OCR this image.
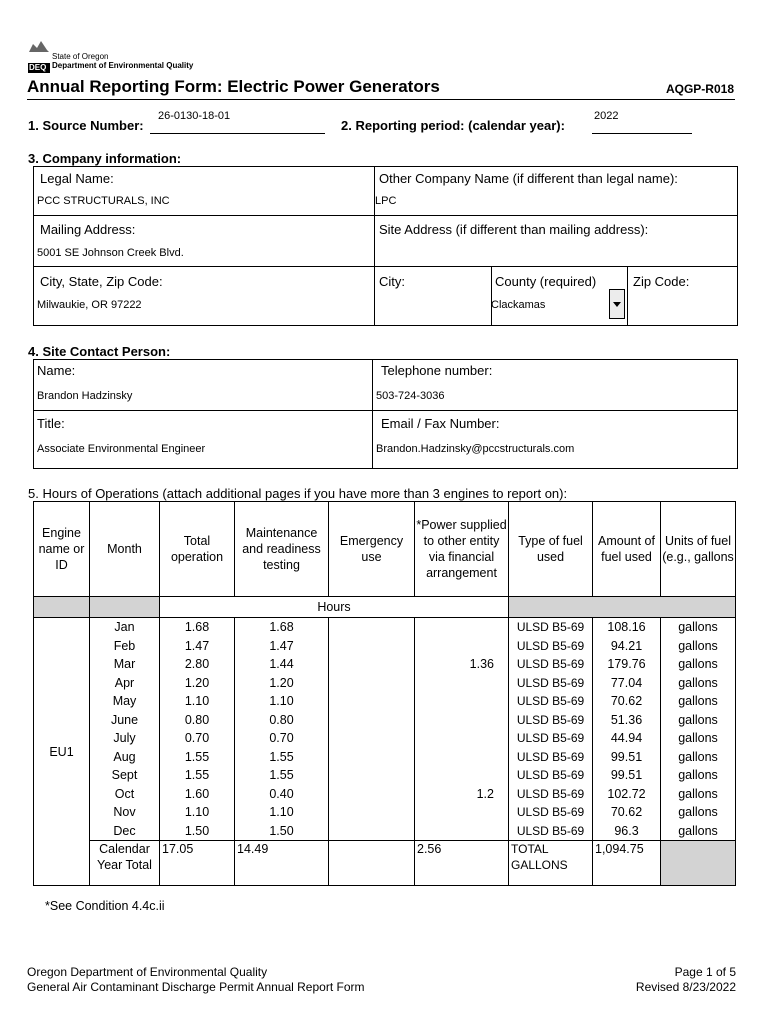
DEQ
State of Oregon
Department of Environmental Quality
Annual Reporting Form: Electric Power Generators	AQGP-R018
1. Source Number:
26-0130-18-01
2. Reporting period: (calendar year):
2022
3. Company information:
Legal Name:
PCC STRUCTURALS, INC
Other Company Name (if different than legal name):
LPC
Mailing Address:
5001 SE Johnson Creek Blvd.
Site Address (if different than mailing address):
City, State, Zip Code:
Milwaukie, OR 97222
City:	County (required)
Clackamas
Zip Code:
4. Site Contact Person:
Name:
Brandon Hadzinsky
Telephone number:
503-724-3036
Title:
Associate Environmental Engineer
Email / Fax Number:
Brandon.Hadzinsky@pccstructurals.com
5. Hours of Operations (attach additional pages if you have more than 3 engines to report on):
Engine name or ID	Month	Total operation	Maintenance and readiness testing	Emergency use	*Power supplied to other entity via financial arrangement	Type of fuel used	Amount of fuel used	Units of fuel (e.g., gallons
		Hours						
EU1	Jan	1.68	1.68			ULSD B5-69	108.16	gallons
	Feb	1.47	1.47			ULSD B5-69	94.21	gallons
	Mar	2.80	1.44		1.36	ULSD B5-69	179.76	gallons
	Apr	1.20	1.20			ULSD B5-69	77.04	gallons
	May	1.10	1.10			ULSD B5-69	70.62	gallons
	June	0.80	0.80			ULSD B5-69	51.36	gallons
	July	0.70	0.70			ULSD B5-69	44.94	gallons
	Aug	1.55	1.55			ULSD B5-69	99.51	gallons
	Sept	1.55	1.55			ULSD B5-69	99.51	gallons
	Oct	1.60	0.40		1.2	ULSD B5-69	102.72	gallons
	Nov	1.10	1.10			ULSD B5-69	70.62	gallons
	Dec	1.50	1.50			ULSD B5-69	96.3	gallons
	Calendar Year Total	17.05	14.49		2.56	TOTAL GALLONS	1,094.75	
*See Condition 4.4c.ii
Oregon Department of Environmental Quality
General Air Contaminant Discharge Permit Annual Report Form
Page 1 of 5
Revised 8/23/2022
